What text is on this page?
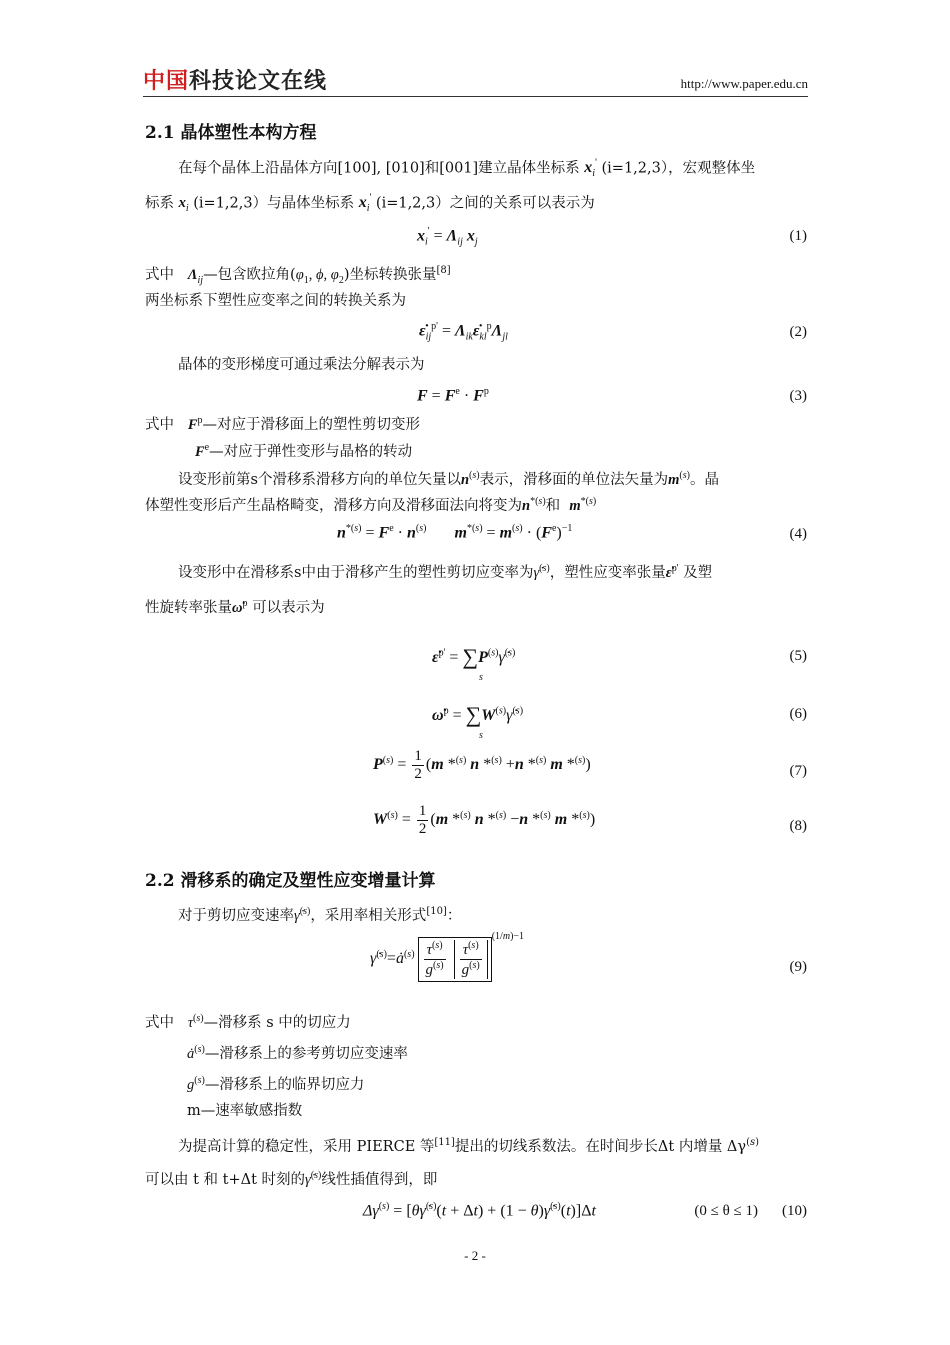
中国科技论文在线	http://www.paper.edu.cn
2.1 晶体塑性本构方程
在每个晶体上沿晶体方向[100], [010]和[001]建立晶体坐标系 $x_i'$ (i=1,2,3），宏观整体坐
标系 $x_i$ (i=1,2,3）与晶体坐标系 $x_i'$ (i=1,2,3）之间的关系可以表示为
$x_i' = \Lambda_{ij}$ $x_j$	(1)
式中 $\Lambda_{ij}—$包含欧拉角($\varphi_1$, ϕ, $\varphi_2$)坐标转换张量[8]
两坐标系下塑性应变率之间的转换关系为
$\varepsiloṅ_{ij}^{p'}$ = $\Lambda_{ik}\varepsiloṅ_{kl}^p\Lambda_{jl}$	(2)
晶体的变形梯度可通过乘法分解表示为
$F = F^e \cdot F^p$	(3)
式中 $F^p—$对应于滑移面上的塑性剪切变形
$F^e—$对应于弹性变形与晶格的转动
设变形前第s个滑移系滑移方向的单位矢量以$n^{(s)}$表示，滑移面的单位法矢量为$m^{(s)}$。晶
体塑性变形后产生晶格畸变，滑移方向及滑移面法向将变为$n^{*(s)}$和 $m^{*(s)}$
$n^{*(s)} = F^e \cdot n^{(s)}$ $m^{*(s)} = m^{(s)} \cdot (F^e)^{-1}$	(4)
设变形中在滑移系s中由于滑移产生的塑性剪切应变率为γ̇$^{(s)}$，塑性应变率张量ε̇$^{p'}$ 及塑
性旋转率张量ω̇$^p$ 可以表示为
ε̇$^{p'}$ = $\sum P^{(s)}\gammȧ^{(s)}$
s
(5)
ω̇$^p$ = $\sum W^{(s)}\gammȧ^{(s)}$
s
(6)
$P^{(s)} = \frac{1}{2} (m$ *$^{(s)}$ n *$^{(s)}$ +n *$^{(s)}$ m *$^{(s)}$)	(7)
$W^{(s)} = \frac{1}{2} (m$ *$^{(s)}$ n *$^{(s)}$ −n *$^{(s)}$ m *$^{(s)}$)	(8)
2.2 滑移系的确定及塑性应变增量计算
对于剪切应变速率γ̇$^{(s)}$，采用率相关形式[10]：
$\gammȧ^{(s)}=ȧ^{(s)} \frac{\tau^{(s)}}{g^{(s)}} \frac{\tau^{(s)}}{g^{(s)}}$
$^{(1/m)-1}$
(9)
式中 $\tau^{(s)}—$滑移系 s 中的切应力
$ȧ^{(s)}—$滑移系上的参考剪切应变速率
$g^{(s)}—$滑移系上的临界切应力
m—速率敏感指数
为提高计算的稳定性，采用 PIERCE 等[11]提出的切线系数法。在时间步长Δt 内增量 $\Delta\gamma^{(s)}$
可以由 t 和 t+Δt 时刻的γ̇$^{(s)}$线性插值得到，即
$\Delta\gamma^{(s)}$ = [θγ̇$^{(s)}$(t + Δt) + (1 − θ)γ̇$^{(s)}$(t)]Δt	(0 ≤ θ ≤ 1) (10)
- 2 -
